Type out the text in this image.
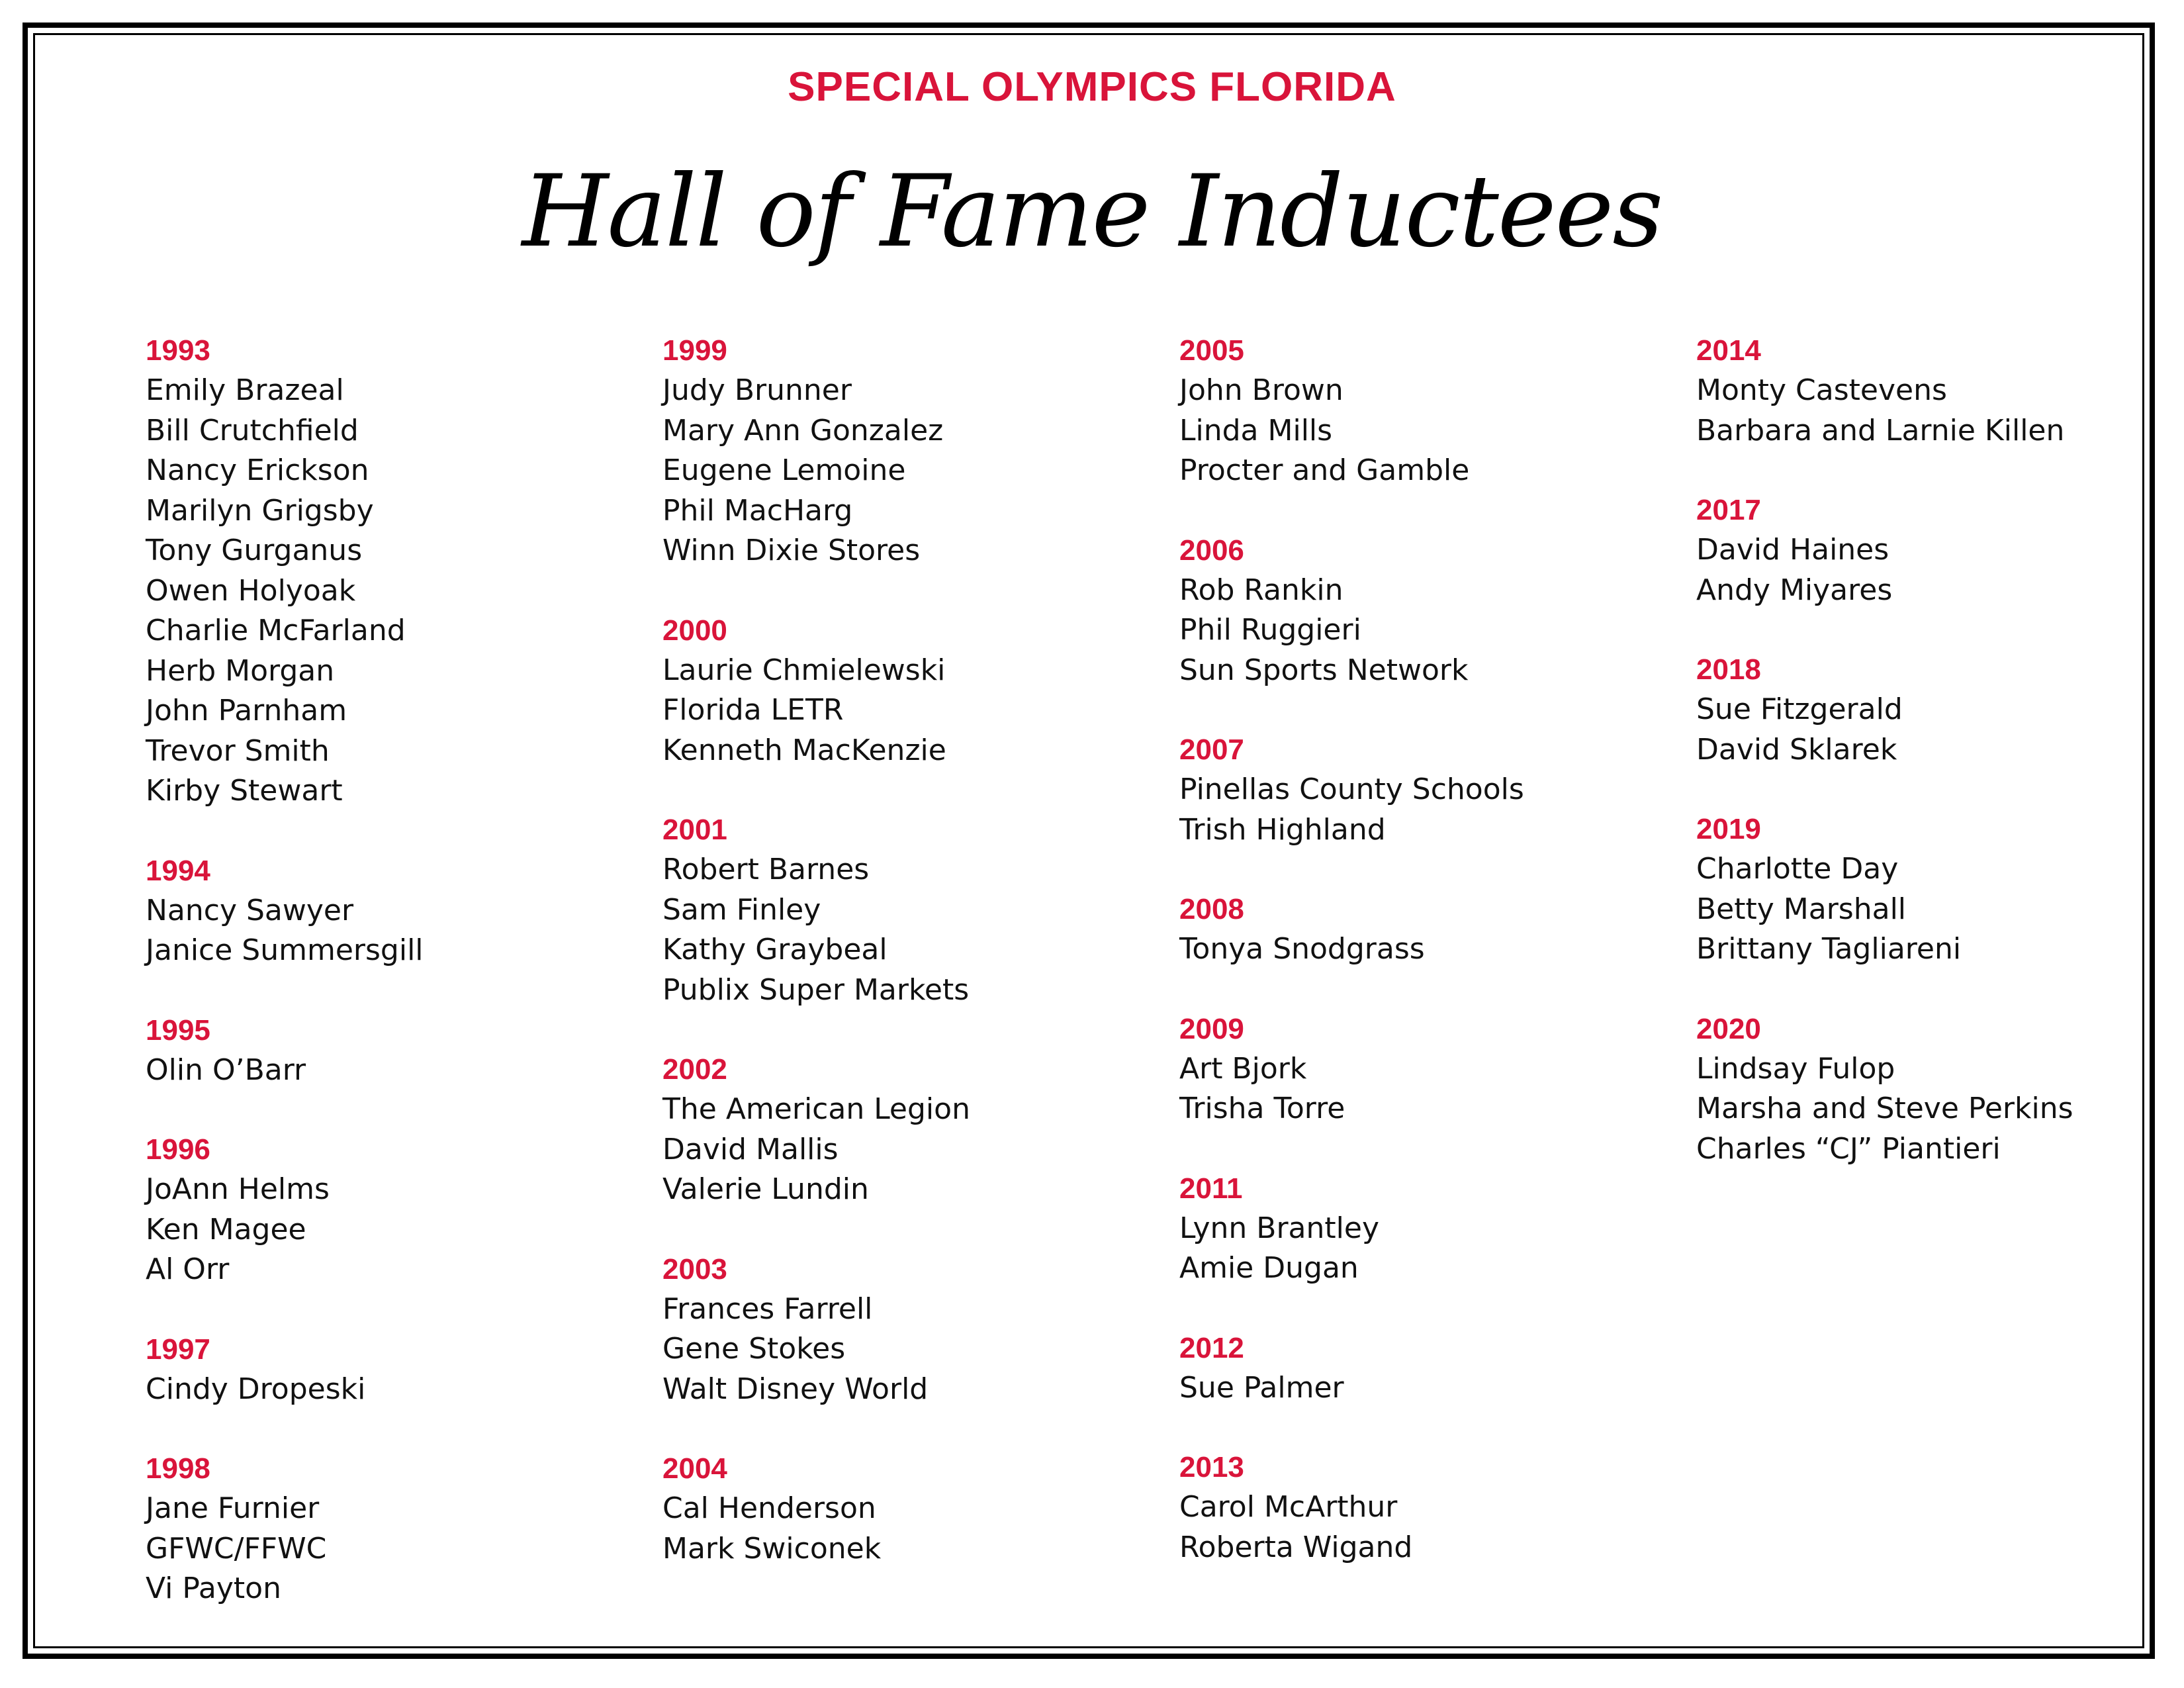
SPECIAL OLYMPICS FLORIDA
Hall of Fame Inductees
1993
Emily Brazeal
Bill Crutchfield
Nancy Erickson
Marilyn Grigsby
Tony Gurganus
Owen Holyoak
Charlie McFarland
Herb Morgan
John Parnham
Trevor Smith
Kirby Stewart
1994
Nancy Sawyer
Janice Summersgill
1995
Olin O’Barr
1996
JoAnn Helms
Ken Magee
Al Orr
1997
Cindy Dropeski
1998
Jane Furnier
GFWC/FFWC
Vi Payton
1999
Judy Brunner
Mary Ann Gonzalez
Eugene Lemoine
Phil MacHarg
Winn Dixie Stores
2000
Laurie Chmielewski
Florida LETR
Kenneth MacKenzie
2001
Robert Barnes
Sam Finley
Kathy Graybeal
Publix Super Markets
2002
The American Legion
David Mallis
Valerie Lundin
2003
Frances Farrell
Gene Stokes
Walt Disney World
2004
Cal Henderson
Mark Swiconek
2005
John Brown
Linda Mills
Procter and Gamble
2006
Rob Rankin
Phil Ruggieri
Sun Sports Network
2007
Pinellas County Schools
Trish Highland
2008
Tonya Snodgrass
2009
Art Bjork
Trisha Torre
2011
Lynn Brantley
Amie Dugan
2012
Sue Palmer
2013
Carol McArthur
Roberta Wigand
2014
Monty Castevens
Barbara and Larnie Killen
2017
David Haines
Andy Miyares
2018
Sue Fitzgerald
David Sklarek
2019
Charlotte Day
Betty Marshall
Brittany Tagliareni
2020
Lindsay Fulop
Marsha and Steve Perkins
Charles “CJ” Piantieri
